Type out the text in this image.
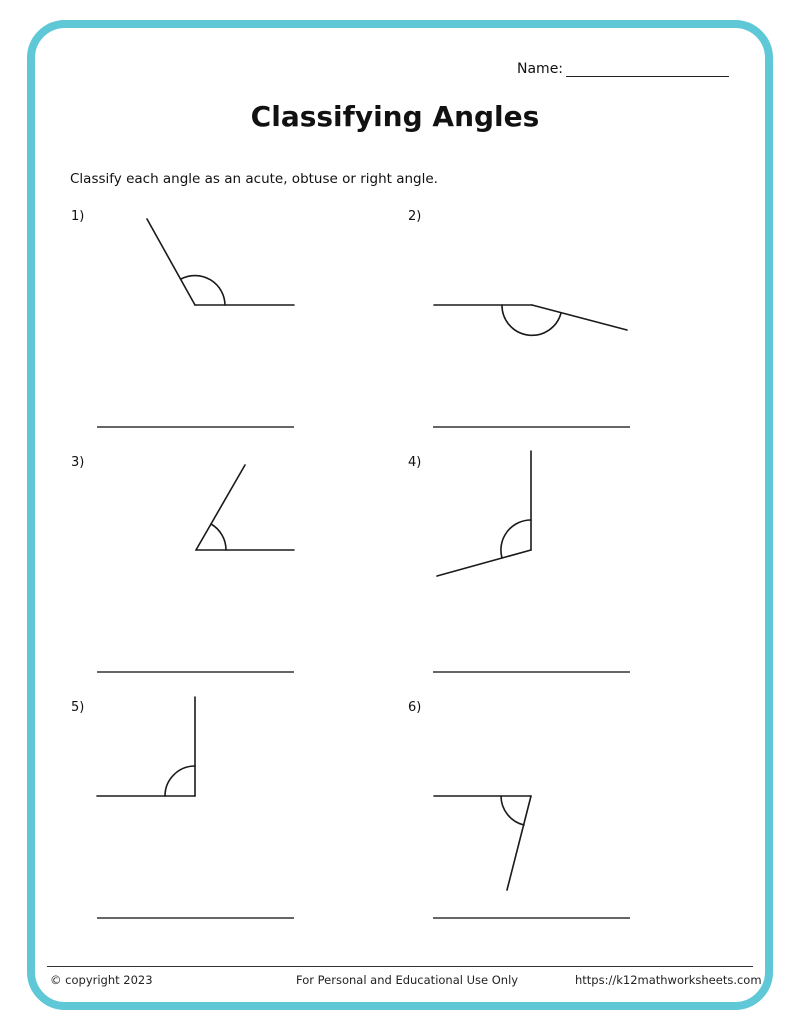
Name:
Classifying Angles
Classify each angle as an acute, obtuse or right angle.
1)	2)
3)	4)
5)	6)
© copyright 2023	For Personal and Educational Use Only	https://k12mathworksheets.com
